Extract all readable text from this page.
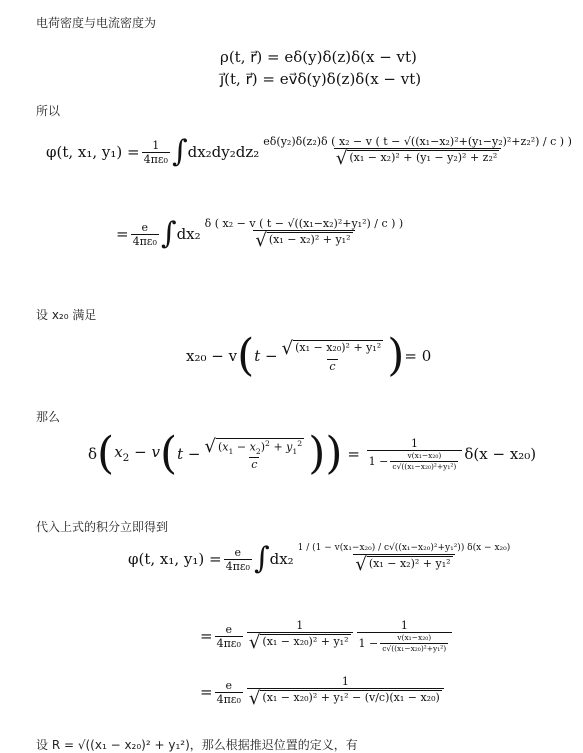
电荷密度与电流密度为
ρ(t, r⃗) = eδ(y)δ(z)δ(x − vt)
j⃗(t, r⃗) = ev⃗δ(y)δ(z)δ(x − vt)
所以
φ(t, x₁, $y_1) = \frac{1}{\text{4πε₀}}$ ∫ $dx_2dy_2dz_2 \frac{\text{eδ(y₂)δ(z₂)δ ( x₂ − v ( t − √((x₁−x₂)²+(y₁−y₂)²+z₂²) / c ) )}}{\text{√ (x₁ − x₂)² + (y₁ − y₂)² + z₂²}}$
= $\frac{e}{\text{4πε₀}}$ ∫ $dx_2 \frac{\text{δ ( x₂ − v ( t − √((x₁−x₂)²+y₁²) / c ) )}}{\text{√ (x₁ − x₂)² + y₁²}}$
设 x₂₀ 满足
x₂₀ − v ( $t - \frac{\text{√ (x₁ − x₂₀)² + y₁²}}{c}$ ) = 0
那么
δ ( $x_2 - v$ ( $t - \frac{√ (x_1 - x_2)^2 + y_1^2}{c}$ )) = $\frac{1}{1 - \frac{\text{v(x₁−x₂₀)}}{\text{c√((x₁−x₂₀)²+y₁²)}}} \delta(x - x_{20})$
代入上式的积分立即得到
φ(t, x₁, $y_1) = \frac{e}{\text{4πε₀}}$ ∫ $dx_2 \frac{\text{1 / (1 − v(x₁−x₂₀) / c√((x₁−x₂₀)²+y₁²)) δ(x − x₂₀)}}{\text{√ (x₁ − x₂)² + y₁²}}$
= $\frac{e}{\text{4πε₀}} \frac{1}{\text{√ (x₁ − x₂₀)² + y₁²}} \frac{1}{1 - \frac{\text{v(x₁−x₂₀)}}{\text{c√((x₁−x₂₀)²+y₁²)}}}$
= $\frac{e}{\text{4πε₀}} \frac{1}{\text{√ (x₁ − x₂₀)² + y₁² − (v/c)(x₁ − x₂₀)}}$
设 R = √((x₁ − x₂₀)² + y₁²)，那么根据推迟位置的定义，有
